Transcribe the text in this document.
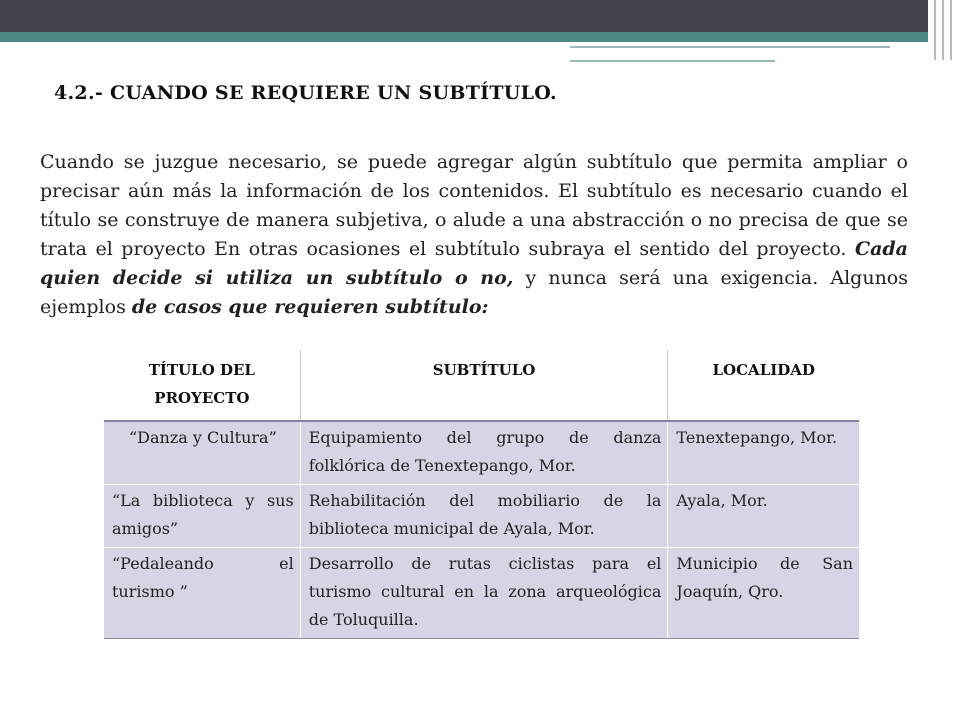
4.2.- CUANDO SE REQUIERE UN SUBTÍTULO.

Cuando se juzgue necesario, se puede agregar algún subtítulo que permita ampliar o precisar aún más la información de los contenidos. El subtítulo es necesario cuando el título se construye de manera subjetiva, o alude a una abstracción o no precisa de que se trata el proyecto En otras ocasiones el subtítulo subraya el sentido del proyecto. Cada quien decide si utiliza un subtítulo o no, y nunca será una exigencia. Algunos ejemplos de casos que requieren subtítulo:

TÍTULO DEL PROYECTO	SUBTÍTULO	LOCALIDAD
“Danza y Cultura”	Equipamiento del grupo de danza folklórica de Tenextepango, Mor.	Tenextepango, Mor.
“La biblioteca y sus amigos”	Rehabilitación del mobiliario de la biblioteca municipal de Ayala, Mor.	Ayala, Mor.
“Pedaleando el turismo ”	Desarrollo de rutas ciclistas para el turismo cultural en la zona arqueológica de Toluquilla.	Municipio de San Joaquín, Qro.
